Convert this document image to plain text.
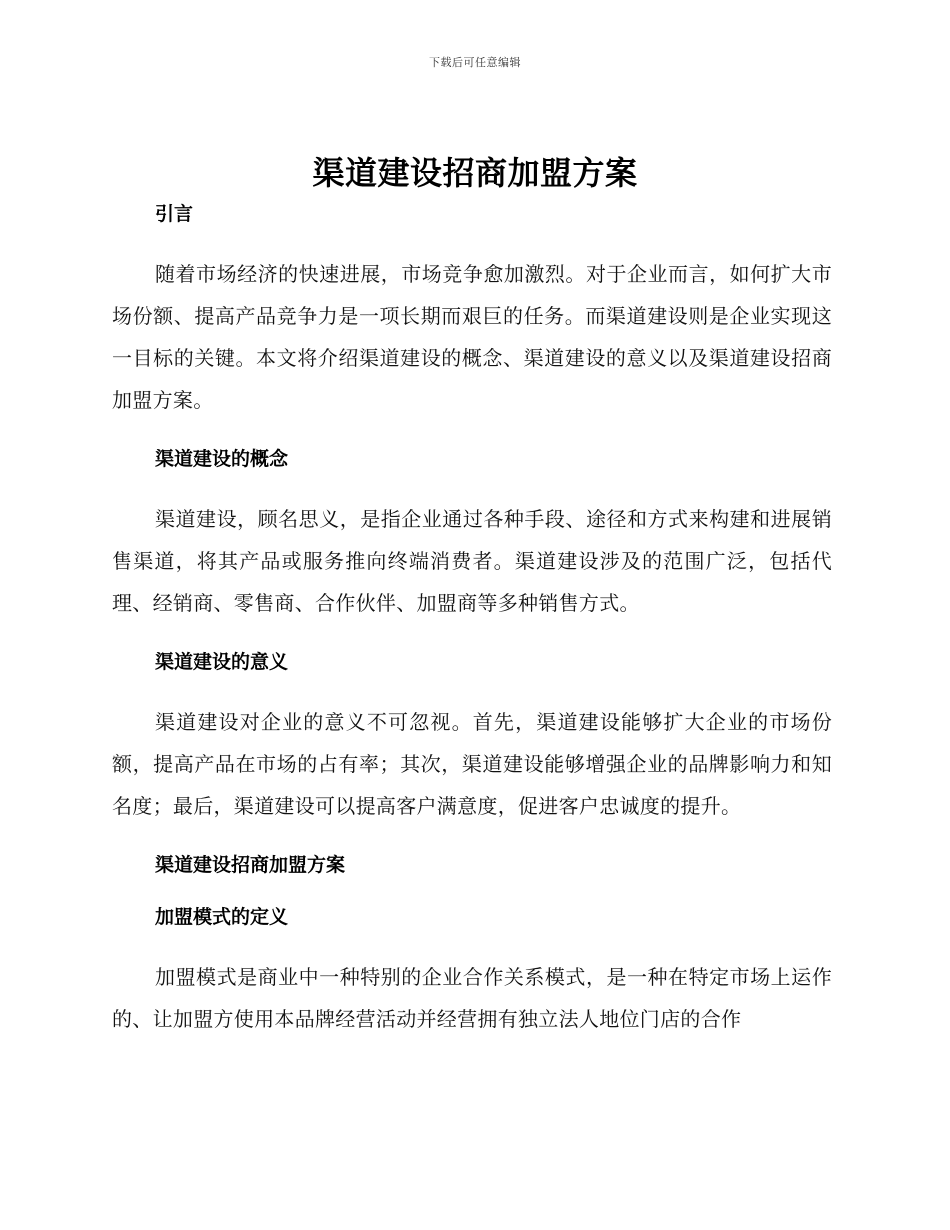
下载后可任意编辑
渠道建设招商加盟方案
引言

随着市场经济的快速进展，市场竞争愈加激烈。对于企业而言，如何扩大市场份额、提高产品竞争力是一项长期而艰巨的任务。而渠道建设则是企业实现这一目标的关键。本文将介绍渠道建设的概念、渠道建设的意义以及渠道建设招商加盟方案。

渠道建设的概念

渠道建设，顾名思义，是指企业通过各种手段、途径和方式来构建和进展销售渠道，将其产品或服务推向终端消费者。渠道建设涉及的范围广泛，包括代理、经销商、零售商、合作伙伴、加盟商等多种销售方式。

渠道建设的意义

渠道建设对企业的意义不可忽视。首先，渠道建设能够扩大企业的市场份额，提高产品在市场的占有率；其次，渠道建设能够增强企业的品牌影响力和知名度；最后，渠道建设可以提高客户满意度，促进客户忠诚度的提升。

渠道建设招商加盟方案
加盟模式的定义

加盟模式是商业中一种特别的企业合作关系模式，是一种在特定市场上运作的、让加盟方使用本品牌经营活动并经营拥有独立法人地位门店的合作
